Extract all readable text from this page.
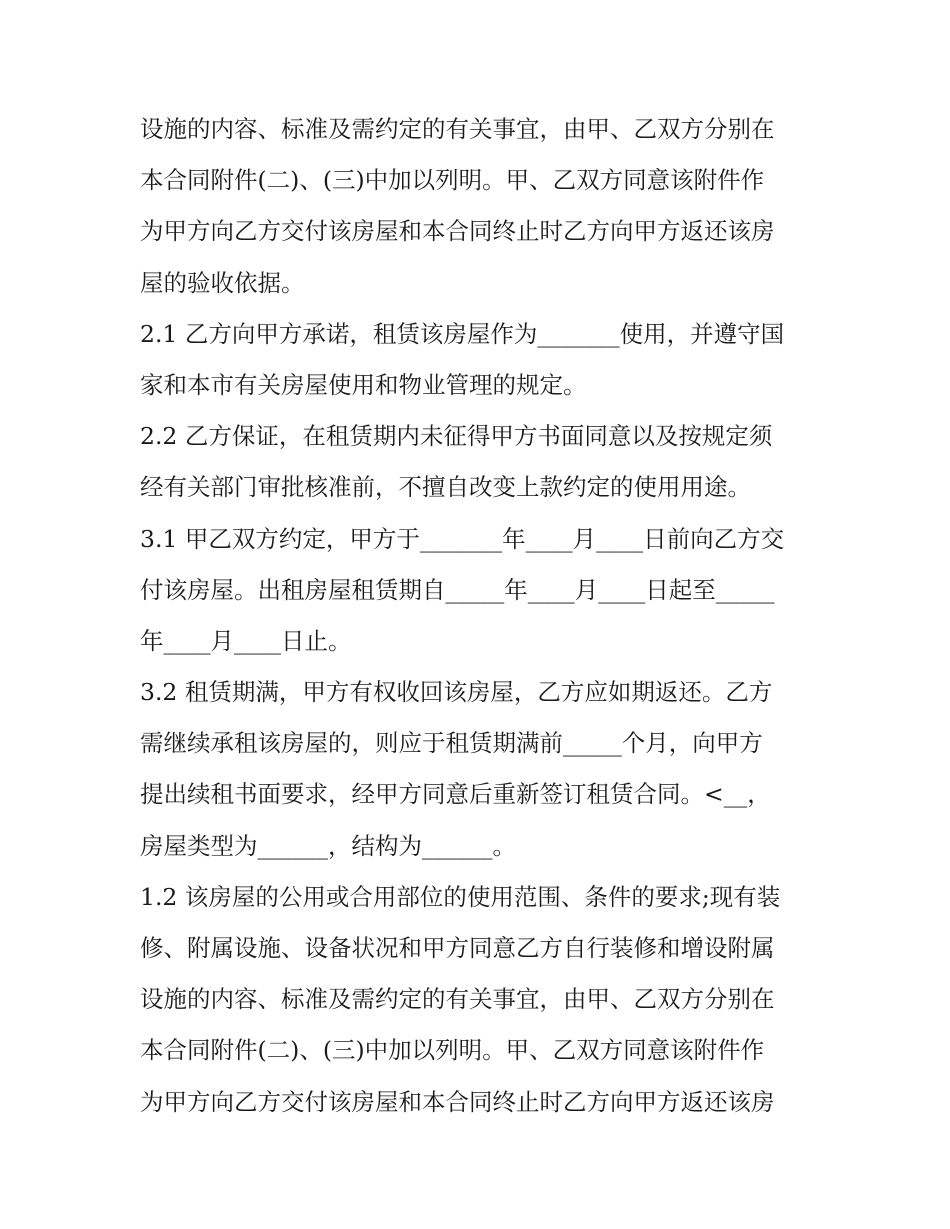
设施的内容、标准及需约定的有关事宜，由甲、乙双方分别在
本合同附件(二)、(三)中加以列明。甲、乙双方同意该附件作
为甲方向乙方交付该房屋和本合同终止时乙方向甲方返还该房
屋的验收依据。
2.1 乙方向甲方承诺，租赁该房屋作为_______使用，并遵守国
家和本市有关房屋使用和物业管理的规定。
2.2 乙方保证，在租赁期内未征得甲方书面同意以及按规定须
经有关部门审批核准前，不擅自改变上款约定的使用用途。
3.1 甲乙双方约定，甲方于_______年____月____日前向乙方交
付该房屋。出租房屋租赁期自_____年____月____日起至_____
年____月____日止。
3.2 租赁期满，甲方有权收回该房屋，乙方应如期返还。乙方
需继续承租该房屋的，则应于租赁期满前_____个月，向甲方
提出续租书面要求，经甲方同意后重新签订租赁合同。<__，
房屋类型为______，结构为______。
1.2 该房屋的公用或合用部位的使用范围、条件的要求;现有装
修、附属设施、设备状况和甲方同意乙方自行装修和增设附属
设施的内容、标准及需约定的有关事宜，由甲、乙双方分别在
本合同附件(二)、(三)中加以列明。甲、乙双方同意该附件作
为甲方向乙方交付该房屋和本合同终止时乙方向甲方返还该房
